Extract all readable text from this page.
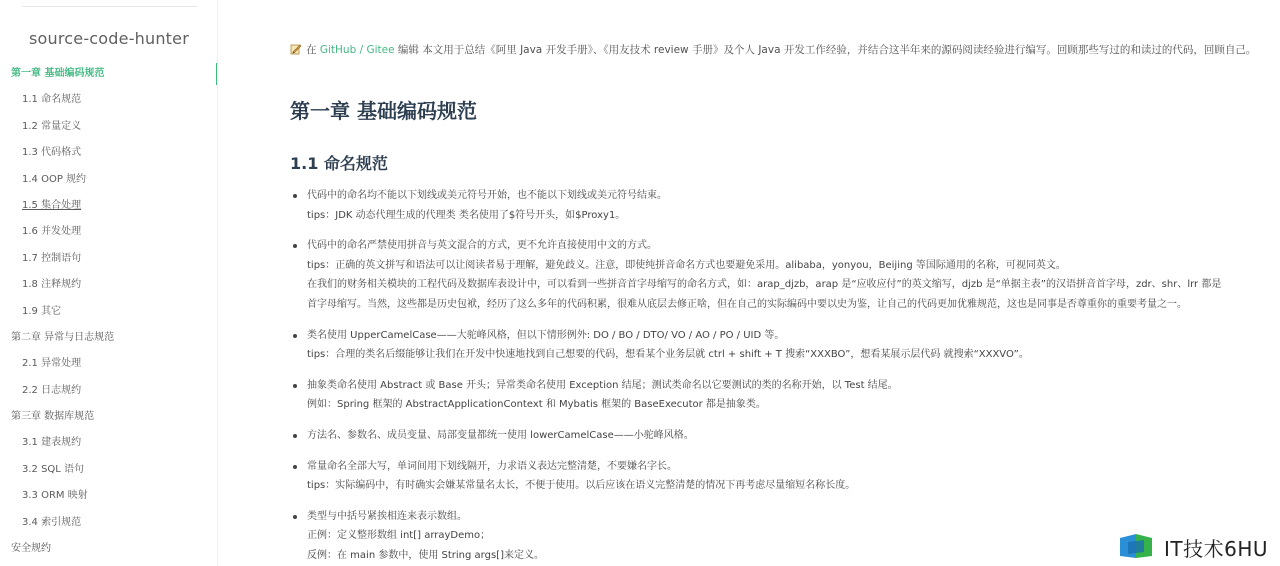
source-code-hunter
第一章 基础编码规范
1.1 命名规范
1.2 常量定义
1.3 代码格式
1.4 OOP 规约
1.5 集合处理
1.6 并发处理
1.7 控制语句
1.8 注释规约
1.9 其它
第二章 异常与日志规范
2.1 异常处理
2.2 日志规约
第三章 数据库规范
3.1 建表规约
3.2 SQL 语句
3.3 ORM 映射
3.4 索引规范
安全规约
在 GitHub / Gitee 编辑 本文用于总结《阿里 Java 开发手册》、《用友技术 review 手册》及个人 Java 开发工作经验，并结合这半年来的源码阅读经验进行编写。回顾那些写过的和读过的代码，回顾自己。
第一章 基础编码规范
1.1 命名规范
代码中的命名均不能以下划线或美元符号开始，也不能以下划线或美元符号结束。
tips：JDK 动态代理生成的代理类 类名使用了$符号开头，如$Proxy1。
代码中的命名严禁使用拼音与英文混合的方式，更不允许直接使用中文的方式。
tips：正确的英文拼写和语法可以让阅读者易于理解，避免歧义。注意，即使纯拼音命名方式也要避免采用。alibaba，yonyou，Beijing 等国际通用的名称，可视同英文。
在我们的财务相关模块的工程代码及数据库表设计中，可以看到一些拼音首字母缩写的命名方式，如：arap_djzb，arap 是“应收应付”的英文缩写，djzb 是“单据主表”的汉语拼音首字母，zdr、shr、lrr 都是
首字母缩写。当然，这些都是历史包袱，经历了这么多年的代码积累，很难从底层去修正啥，但在自己的实际编码中要以史为鉴，让自己的代码更加优雅规范，这也是同事是否尊重你的重要考量之一。
类名使用 UpperCamelCase——大驼峰风格，但以下情形例外: DO / BO / DTO/ VO / AO / PO / UID 等。
tips：合理的类名后缀能够让我们在开发中快速地找到自己想要的代码，想看某个业务层就 ctrl + shift + T 搜索“XXXBO”，想看某展示层代码 就搜索“XXXVO”。
抽象类命名使用 Abstract 或 Base 开头；异常类命名使用 Exception 结尾；测试类命名以它要测试的类的名称开始，以 Test 结尾。
例如：Spring 框架的 AbstractApplicationContext 和 Mybatis 框架的 BaseExecutor 都是抽象类。
方法名、参数名、成员变量、局部变量都统一使用 lowerCamelCase——小驼峰风格。
常量命名全部大写，单词间用下划线隔开，力求语义表达完整清楚，不要嫌名字长。
tips：实际编码中，有时确实会嫌某常量名太长，不便于使用。以后应该在语义完整清楚的情况下再考虑尽量缩短名称长度。
类型与中括号紧挨相连来表示数组。
正例：定义整形数组 int[] arrayDemo；
反例：在 main 参数中，使用 String args[]来定义。	IT技术6HU
